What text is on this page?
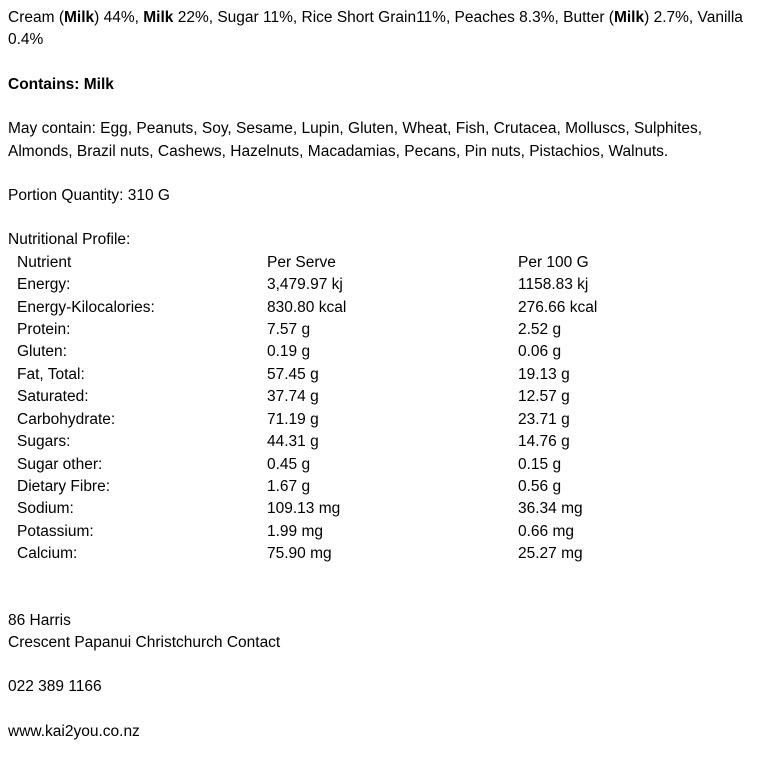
Cream (Milk) 44%, Milk 22%, Sugar 11%, Rice Short Grain11%, Peaches 8.3%, Butter (Milk) 2.7%, Vanilla 0.4%

Contains: Milk
May contain: Egg, Peanuts, Soy, Sesame, Lupin, Gluten, Wheat, Fish, Crutacea, Molluscs, Sulphites, Almonds, Brazil nuts, Cashews, Hazelnuts, Macadamias, Pecans, Pin nuts, Pistachios, Walnuts.
Portion Quantity: 310 G
Nutritional Profile:
Nutrient	Per Serve	Per 100 G
Energy:	3,479.97 kj	1158.83 kj
Energy-Kilocalories:	830.80 kcal	276.66 kcal
Protein:	7.57 g	2.52 g
Gluten:	0.19 g	0.06 g
Fat, Total:	57.45 g	19.13 g
Saturated:	37.74 g	12.57 g
Carbohydrate:	71.19 g	23.71 g
Sugars:	44.31 g	14.76 g
Sugar other:	0.45 g	0.15 g
Dietary Fibre:	1.67 g	0.56 g
Sodium:	109.13 mg	36.34 mg
Potassium:	1.99 mg	0.66 mg
Calcium:	75.90 mg	25.27 mg
86 Harris
Crescent Papanui Christchurch Contact
022 389 1166
www.kai2you.co.nz
